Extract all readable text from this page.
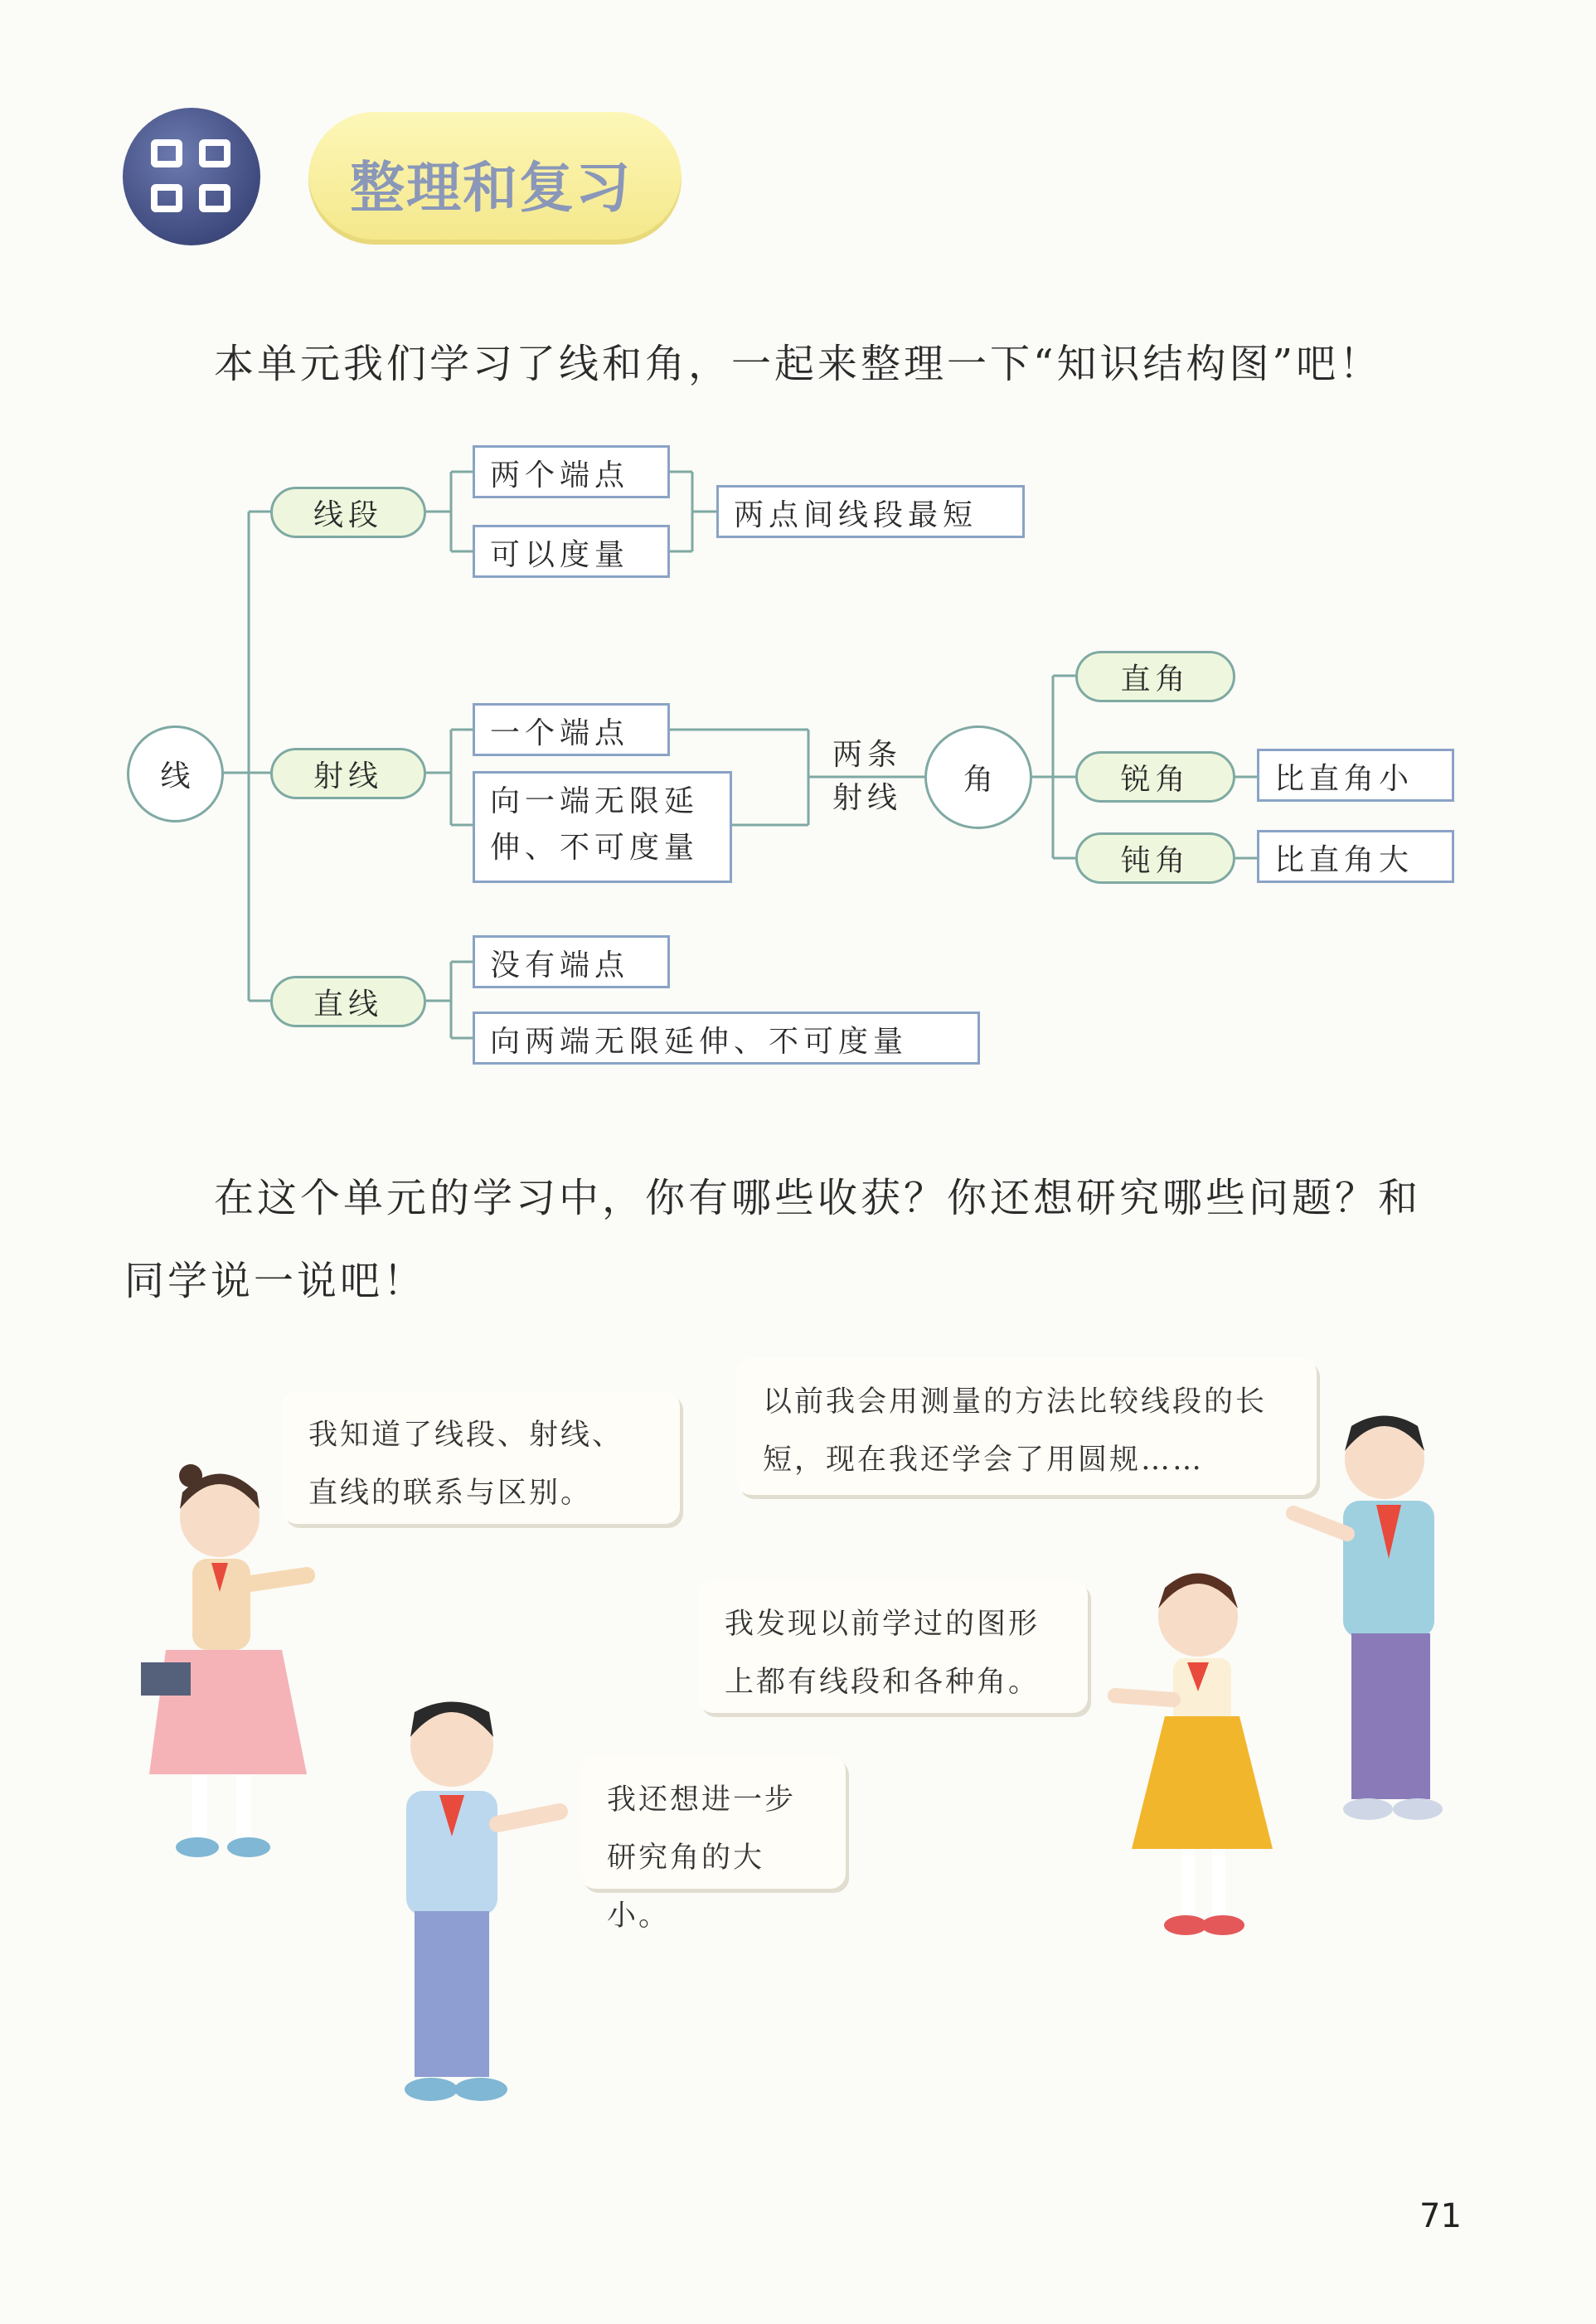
整理和复习
本单元我们学习了线和角，一起来整理一下“知识结构图”吧！
线
线段
两个端点
可以度量
两点间线段最短
射线
一个端点
向一端无限延伸、不可度量
两条射线
直线
没有端点
向两端无限延伸、不可度量
角
直角
锐角	比直角小
钝角	比直角大
在这个单元的学习中，你有哪些收获？你还想研究哪些问题？和同学说一说吧！
我知道了线段、射线、直线的联系与区别。
以前我会用测量的方法比较线段的长短，现在我还学会了用圆规……
我发现以前学过的图形上都有线段和各种角。
我还想进一步研究角的大小。
71
